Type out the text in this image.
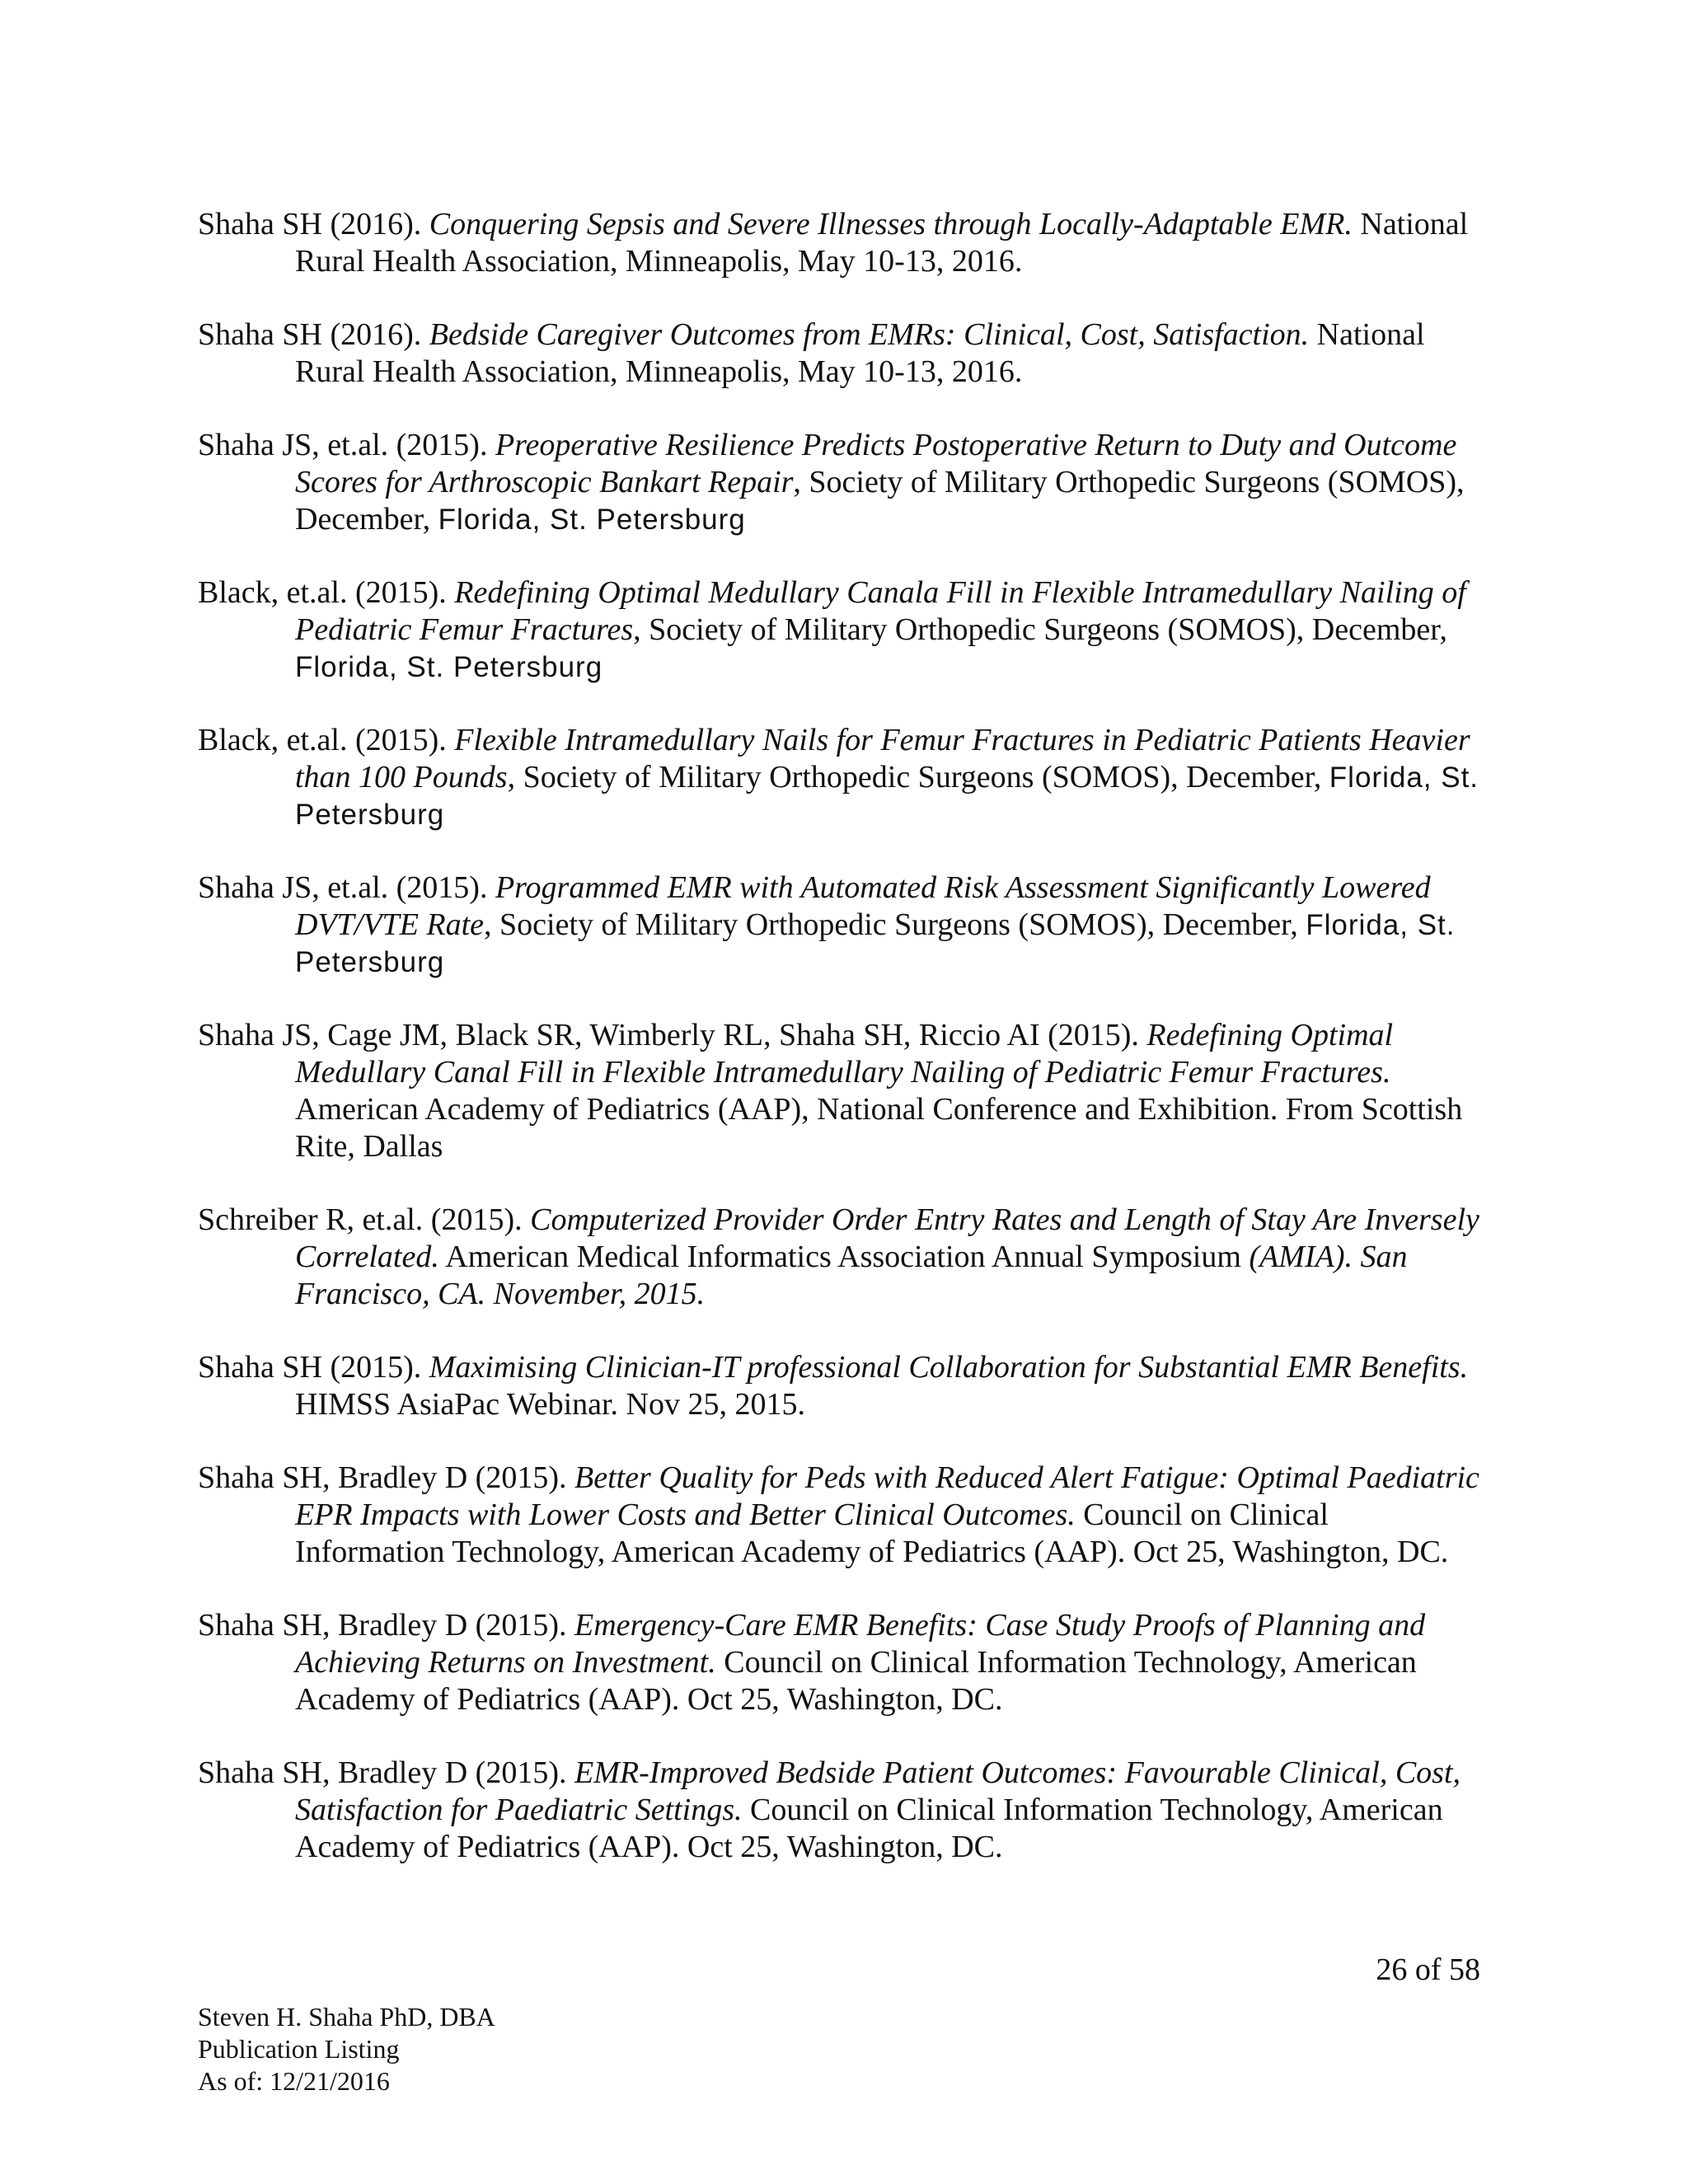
Shaha SH (2016). Conquering Sepsis and Severe Illnesses through Locally-Adaptable EMR. National Rural Health Association, Minneapolis, May 10-13, 2016.

Shaha SH (2016). Bedside Caregiver Outcomes from EMRs: Clinical, Cost, Satisfaction. National Rural Health Association, Minneapolis, May 10-13, 2016.

Shaha JS, et.al. (2015). Preoperative Resilience Predicts Postoperative Return to Duty and Outcome Scores for Arthroscopic Bankart Repair, Society of Military Orthopedic Surgeons (SOMOS), December, Florida, St. Petersburg

Black, et.al. (2015). Redefining Optimal Medullary Canala Fill in Flexible Intramedullary Nailing of Pediatric Femur Fractures, Society of Military Orthopedic Surgeons (SOMOS), December, Florida, St. Petersburg

Black, et.al. (2015). Flexible Intramedullary Nails for Femur Fractures in Pediatric Patients Heavier than 100 Pounds, Society of Military Orthopedic Surgeons (SOMOS), December, Florida, St. Petersburg

Shaha JS, et.al. (2015). Programmed EMR with Automated Risk Assessment Significantly Lowered DVT/VTE Rate, Society of Military Orthopedic Surgeons (SOMOS), December, Florida, St. Petersburg

Shaha JS, Cage JM, Black SR, Wimberly RL, Shaha SH, Riccio AI (2015). Redefining Optimal Medullary Canal Fill in Flexible Intramedullary Nailing of Pediatric Femur Fractures. American Academy of Pediatrics (AAP), National Conference and Exhibition. From Scottish Rite, Dallas

Schreiber R, et.al. (2015). Computerized Provider Order Entry Rates and Length of Stay Are Inversely Correlated. American Medical Informatics Association Annual Symposium (AMIA). San Francisco, CA. November, 2015.

Shaha SH (2015). Maximising Clinician-IT professional Collaboration for Substantial EMR Benefits. HIMSS AsiaPac Webinar. Nov 25, 2015.

Shaha SH, Bradley D (2015). Better Quality for Peds with Reduced Alert Fatigue: Optimal Paediatric EPR Impacts with Lower Costs and Better Clinical Outcomes. Council on Clinical Information Technology, American Academy of Pediatrics (AAP). Oct 25, Washington, DC.

Shaha SH, Bradley D (2015). Emergency-Care EMR Benefits: Case Study Proofs of Planning and Achieving Returns on Investment. Council on Clinical Information Technology, American Academy of Pediatrics (AAP). Oct 25, Washington, DC.

Shaha SH, Bradley D (2015). EMR-Improved Bedside Patient Outcomes: Favourable Clinical, Cost, Satisfaction for Paediatric Settings. Council on Clinical Information Technology, American Academy of Pediatrics (AAP). Oct 25, Washington, DC.

26 of 58
Steven H. Shaha PhD, DBA
Publication Listing
As of: 12/21/2016
